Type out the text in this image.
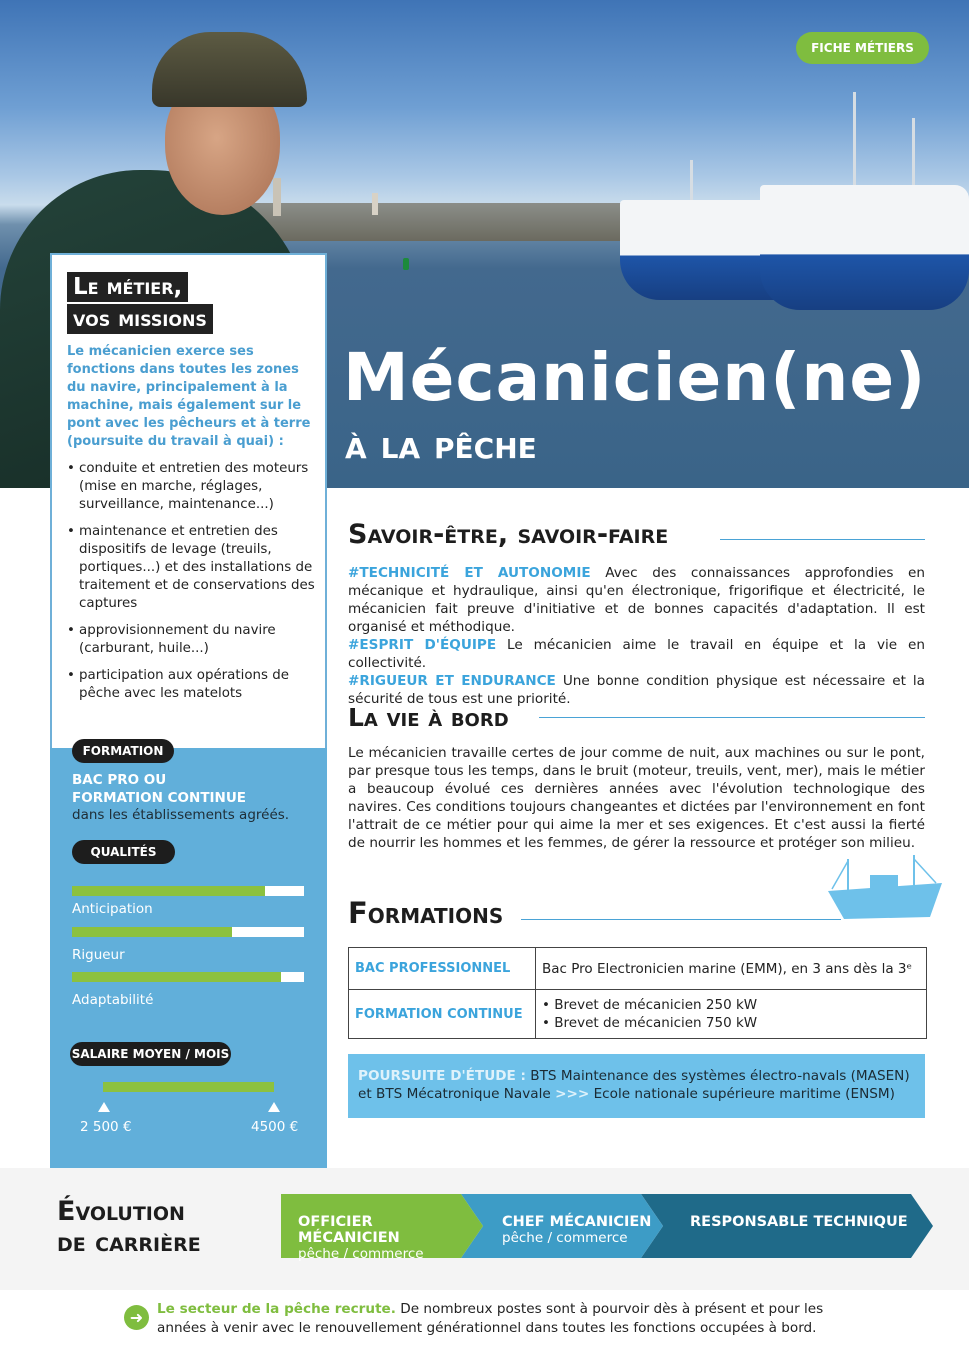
FICHE MÉTIERS
Mécanicien(ne)
à la pêche
Le métier,
vos missions

Le mécanicien exerce ses fonctions dans toutes les zones du navire, principalement à la machine, mais également sur le pont avec les pêcheurs et à terre (poursuite du travail à quai) :

• conduite et entretien des moteurs (mise en marche, réglages, surveillance, maintenance...)
• maintenance et entretien des dispositifs de levage (treuils, portiques...) et des installations de traitement et de conservations des captures
• approvisionnement du navire (carburant, huile...)
• participation aux opérations de pêche avec les matelots
FORMATION
BAC PRO OU
FORMATION CONTINUE
dans les établissements agréés.
QUALITÉS
Anticipation
Rigueur
Adaptabilité
SALAIRE MOYEN / MOIS
2 500 €	4500 €
Savoir-être, savoir-faire

#TECHNICITÉ ET AUTONOMIE Avec des connaissances approfondies en mécanique et hydraulique, ainsi qu'en électronique, frigorifique et électricité, le mécanicien fait preuve d'initiative et de bonnes capacités d'adaptation. Il est organisé et méthodique.
#ESPRIT D'ÉQUIPE Le mécanicien aime le travail en équipe et la vie en collectivité.
#RIGUEUR ET ENDURANCE Une bonne condition physique est nécessaire et la sécurité de tous est une priorité.

La vie à bord

Le mécanicien travaille certes de jour comme de nuit, aux machines ou sur le pont, par presque tous les temps, dans le bruit (moteur, treuils, vent, mer), mais le métier a beaucoup évolué ces dernières années avec l'évolution technologique des navires. Ces conditions toujours changeantes et dictées par l'environnement en font l'attrait de ce métier pour qui aime la mer et ses exigences. Et c'est aussi la fierté de nourrir les hommes et les femmes, de gérer la ressource et protéger son milieu.

Formations
BAC PROFESSIONNEL	Bac Pro Electronicien marine (EMM), en 3 ans dès la 3ᵉ

FORMATION CONTINUE	• Brevet de mécanicien 250 kW
• Brevet de mécanicien 750 kW
POURSUITE D'ÉTUDE : BTS Maintenance des systèmes électro-navals (MASEN) et BTS Mécatronique Navale >>> Ecole nationale supérieure maritime (ENSM)
Évolution
de carrière
OFFICIER MÉCANICIEN
pêche / commerce
CHEF MÉCANICIEN
pêche / commerce
RESPONSABLE TECHNIQUE
➜	Le secteur de la pêche recrute. De nombreux postes sont à pourvoir dès à présent et pour les années à venir avec le renouvellement générationnel dans toutes les fonctions occupées à bord.
